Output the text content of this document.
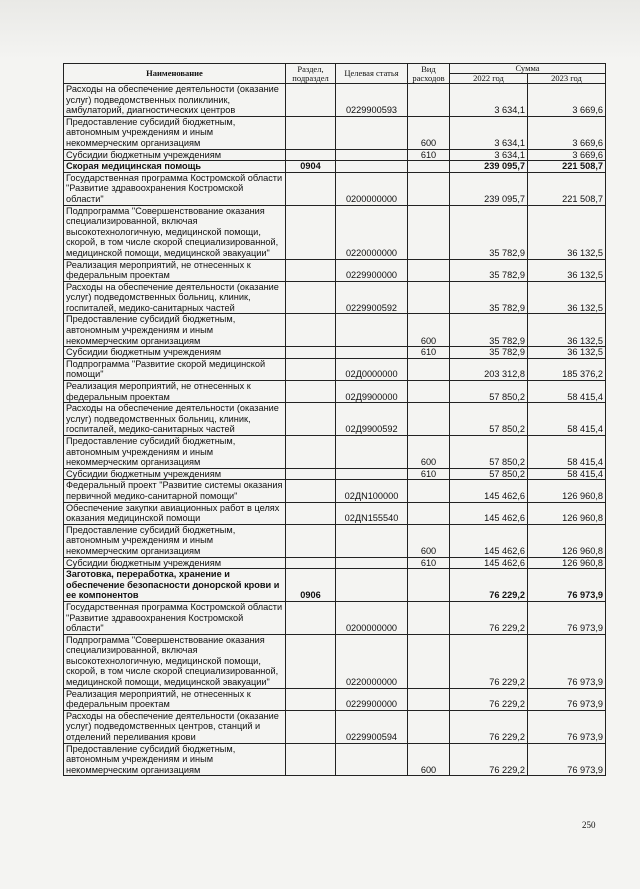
Наименование	Раздел, подраздел	Целевая статья	Вид расходов	Сумма	
				2022 год	2023 год
Расходы на обеспечение деятельности (оказание услуг) подведомственных поликлиник, амбулаторий, диагностических центров		0229900593		3 634,1	3 669,6
Предоставление субсидий бюджетным, автономным учреждениям и иным некоммерческим организациям			600	3 634,1	3 669,6
Субсидии бюджетным учреждениям			610	3 634,1	3 669,6
Скорая медицинская помощь	0904			239 095,7	221 508,7
Государственная программа Костромской области "Развитие здравоохранения Костромской области"		0200000000		239 095,7	221 508,7
Подпрограмма "Совершенствование оказания специализированной, включая высокотехнологичную, медицинской помощи, скорой, в том числе скорой специализированной, медицинской помощи, медицинской эвакуации"		0220000000		35 782,9	36 132,5
Реализация мероприятий, не отнесенных к федеральным проектам		0229900000		35 782,9	36 132,5
Расходы на обеспечение деятельности (оказание услуг) подведомственных больниц, клиник, госпиталей, медико-санитарных частей		0229900592		35 782,9	36 132,5
Предоставление субсидий бюджетным, автономным учреждениям и иным некоммерческим организациям			600	35 782,9	36 132,5
Субсидии бюджетным учреждениям			610	35 782,9	36 132,5
Подпрограмма "Развитие скорой медицинской помощи"		02Д0000000		203 312,8	185 376,2
Реализация мероприятий, не отнесенных к федеральным проектам		02Д9900000		57 850,2	58 415,4
Расходы на обеспечение деятельности (оказание услуг) подведомственных больниц, клиник, госпиталей, медико-санитарных частей		02Д9900592		57 850,2	58 415,4
Предоставление субсидий бюджетным, автономным учреждениям и иным некоммерческим организациям			600	57 850,2	58 415,4
Субсидии бюджетным учреждениям			610	57 850,2	58 415,4
Федеральный проект "Развитие системы оказания первичной медико-санитарной помощи"		02ДN100000		145 462,6	126 960,8
Обеспечение закупки авиационных работ в целях оказания медицинской помощи		02ДN155540		145 462,6	126 960,8
Предоставление субсидий бюджетным, автономным учреждениям и иным некоммерческим организациям			600	145 462,6	126 960,8
Субсидии бюджетным учреждениям			610	145 462,6	126 960,8
Заготовка, переработка, хранение и обеспечение безопасности донорской крови и ее компонентов	0906			76 229,2	76 973,9
Государственная программа Костромской области "Развитие здравоохранения Костромской области"		0200000000		76 229,2	76 973,9
Подпрограмма "Совершенствование оказания специализированной, включая высокотехнологичную, медицинской помощи, скорой, в том числе скорой специализированной, медицинской помощи, медицинской эвакуации"		0220000000		76 229,2	76 973,9
Реализация мероприятий, не отнесенных к федеральным проектам		0229900000		76 229,2	76 973,9
Расходы на обеспечение деятельности (оказание услуг) подведомственных центров, станций и отделений переливания крови		0229900594		76 229,2	76 973,9
Предоставление субсидий бюджетным, автономным учреждениям и иным некоммерческим организациям			600	76 229,2	76 973,9
250
